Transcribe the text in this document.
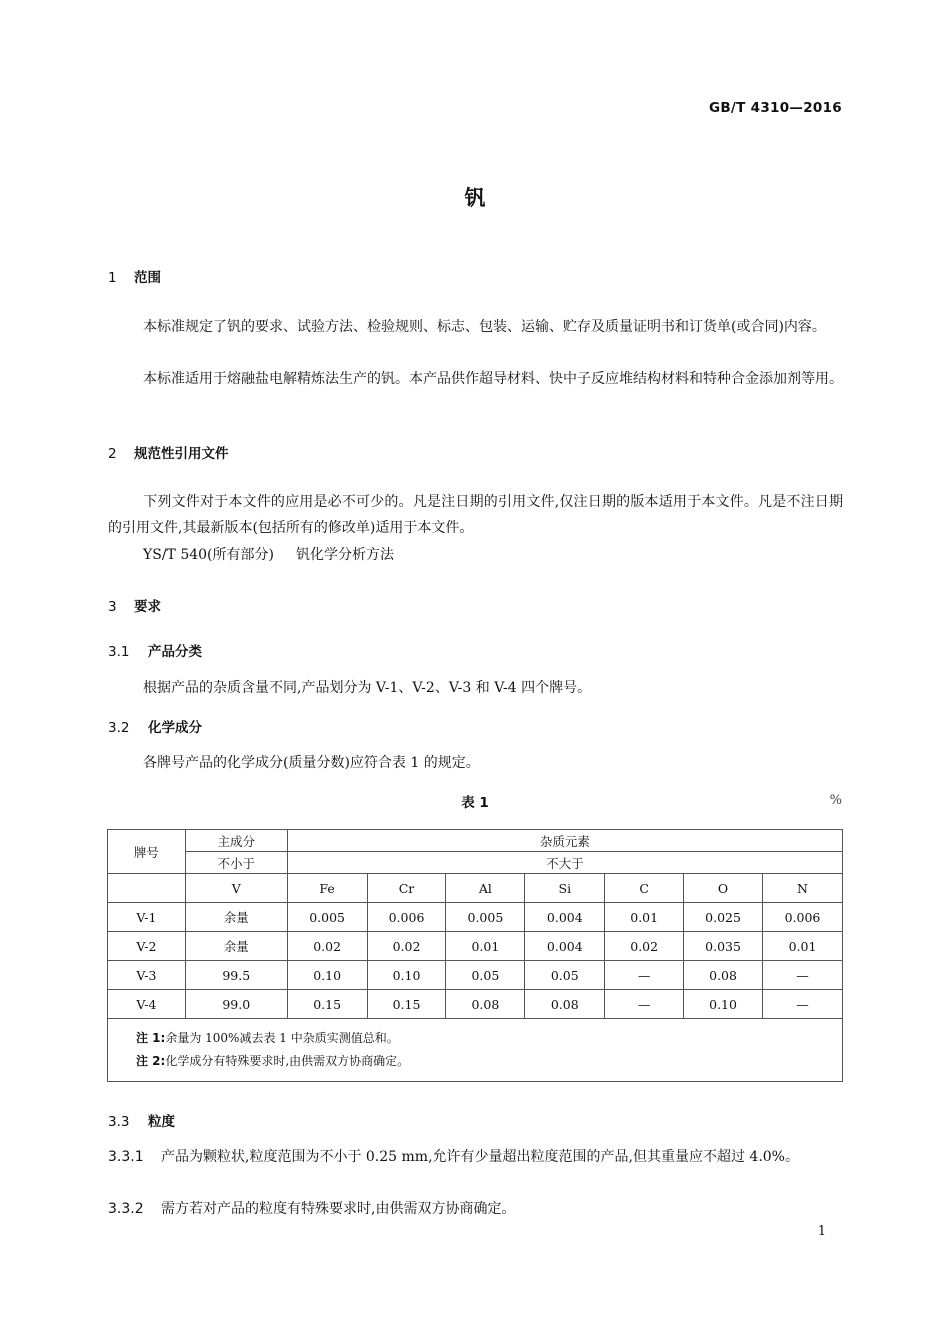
GB/T 4310—2016
钒
1 范围
本标准规定了钒的要求、试验方法、检验规则、标志、包装、运输、贮存及质量证明书和订货单(或合同)内容。
本标准适用于熔融盐电解精炼法生产的钒。本产品供作超导材料、快中子反应堆结构材料和特种合金添加剂等用。
2 规范性引用文件
下列文件对于本文件的应用是必不可少的。凡是注日期的引用文件,仅注日期的版本适用于本文件。凡是不注日期的引用文件,其最新版本(包括所有的修改单)适用于本文件。
YS/T 540(所有部分) 钒化学分析方法
3 要求
3.1 产品分类
根据产品的杂质含量不同,产品划分为 V-1、V-2、V-3 和 V-4 四个牌号。
3.2 化学成分
各牌号产品的化学成分(质量分数)应符合表 1 的规定。
表 1	%
牌号	主成分	杂质元素						
	不小于	不大于						
	V	Fe	Cr	Al	Si	C	O	N
V-1	余量	0.005	0.006	0.005	0.004	0.01	0.025	0.006
V-2	余量	0.02	0.02	0.01	0.004	0.02	0.035	0.01
V-3	99.5	0.10	0.10	0.05	0.05	—	0.08	—
V-4	99.0	0.15	0.15	0.08	0.08	—	0.10	—

注 1:余量为 100%减去表 1 中杂质实测值总和。
注 2:化学成分有特殊要求时,由供需双方协商确定。								
3.3 粒度
3.3.1 产品为颗粒状,粒度范围为不小于 0.25 mm,允许有少量超出粒度范围的产品,但其重量应不超过 4.0%。
3.3.2 需方若对产品的粒度有特殊要求时,由供需双方协商确定。
1
